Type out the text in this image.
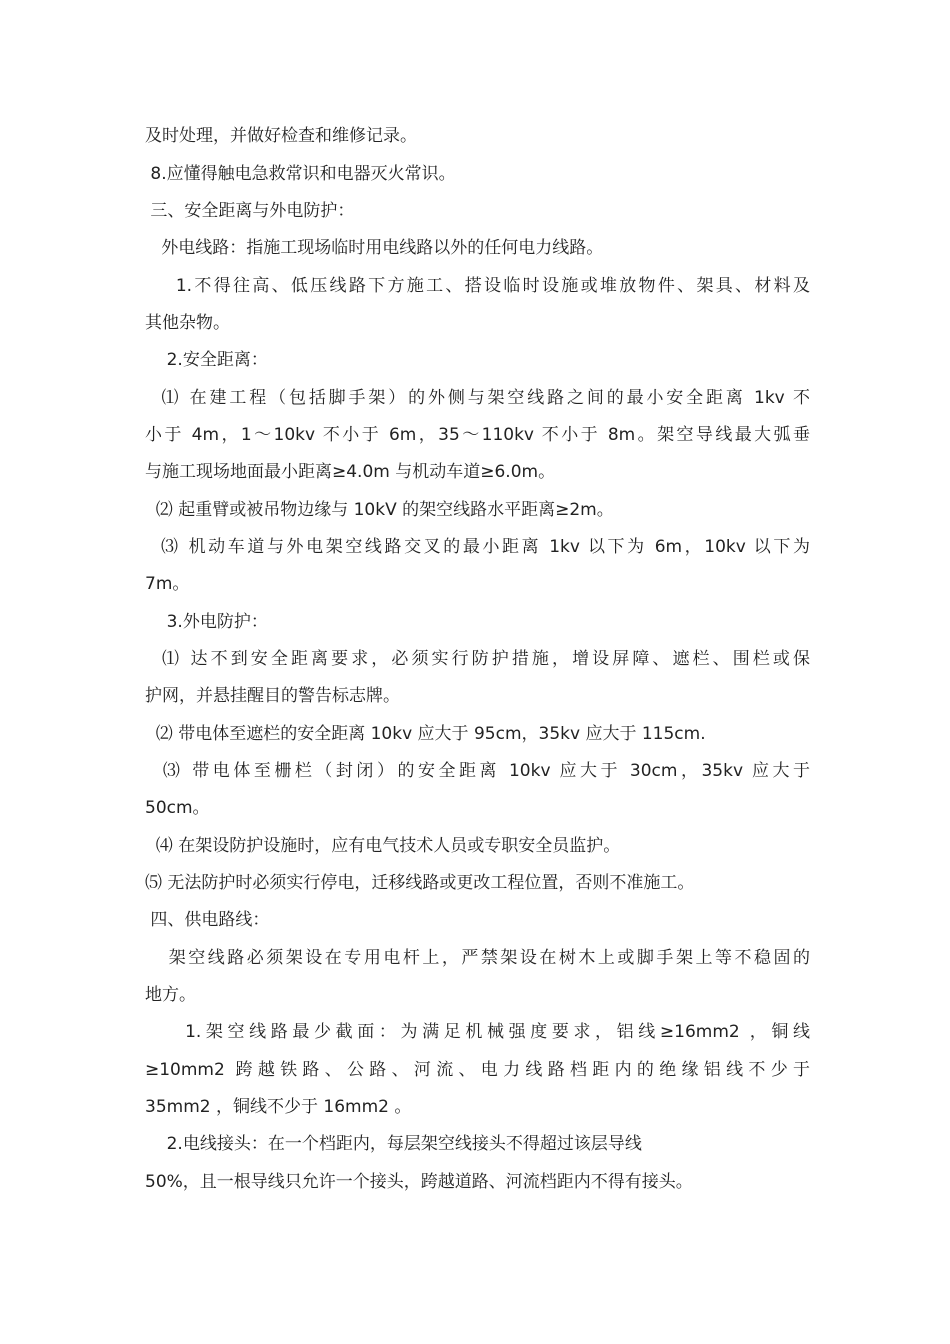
及时处理，并做好检查和维修记录。
8.应懂得触电急救常识和电器灭火常识。
三、安全距离与外电防护：
外电线路：指施工现场临时用电线路以外的任何电力线路。
1.不得往高、低压线路下方施工、搭设临时设施或堆放物件、架具、材料及
其他杂物。
2.安全距离：
⑴ 在建工程（包括脚手架）的外侧与架空线路之间的最小安全距离 1kv 不
小于 4m，1～10kv 不小于 6m，35～110kv 不小于 8m。架空导线最大弧垂
与施工现场地面最小距离≥4.0m 与机动车道≥6.0m。
⑵ 起重臂或被吊物边缘与 10kV 的架空线路水平距离≥2m。
⑶ 机动车道与外电架空线路交叉的最小距离 1kv 以下为 6m，10kv 以下为
7m。
3.外电防护：
⑴ 达不到安全距离要求，必须实行防护措施，增设屏障、遮栏、围栏或保
护网，并悬挂醒目的警告标志牌。
⑵ 带电体至遮栏的安全距离 10kv 应大于 95cm，35kv 应大于 115cm.
⑶ 带电体至栅栏（封闭）的安全距离 10kv 应大于 30cm，35kv 应大于
50cm。
⑷ 在架设防护设施时，应有电气技术人员或专职安全员监护。
⑸ 无法防护时必须实行停电，迁移线路或更改工程位置，否则不准施工。
四、供电路线：
架空线路必须架设在专用电杆上，严禁架设在树木上或脚手架上等不稳固的
地方。
1.架空线路最少截面：为满足机械强度要求，铝线≥16mm2 ，铜线
≥10mm2 跨越铁路、公路、河流、电力线路档距内的绝缘铝线不少于
35mm2 ，铜线不少于 16mm2 。
2.电线接头：在一个档距内，每层架空线接头不得超过该层导线
50%，且一根导线只允许一个接头，跨越道路、河流档距内不得有接头。
